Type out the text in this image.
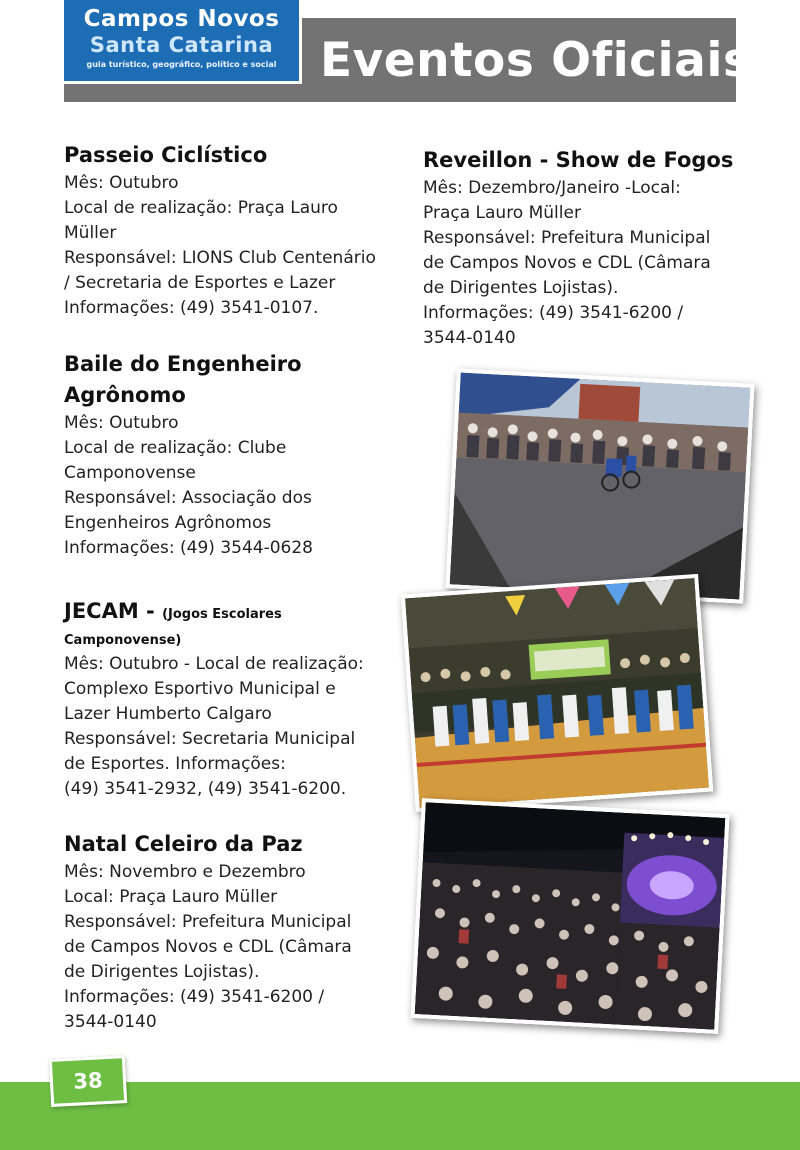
Campos Novos
Santa Catarina
guia turístico, geográfico, político e social Eventos Oficiais
Passeio Ciclístico

Mês: Outubro

Local de realização: Praça Lauro

Müller

Responsável: LIONS Club Centenário

/ Secretaria de Esportes e Lazer

Informações: (49) 3541-0107.

Baile do Engenheiro
Agrônomo

Mês: Outubro

Local de realização: Clube

Camponovense

Responsável: Associação dos

Engenheiros Agrônomos

Informações: (49) 3544-0628

JECAM - (Jogos Escolares
Camponovense)

Mês: Outubro - Local de realização:

Complexo Esportivo Municipal e

Lazer Humberto Calgaro

Responsável: Secretaria Municipal

de Esportes. Informações:

(49) 3541-2932, (49) 3541-6200.

Natal Celeiro da Paz

Mês: Novembro e Dezembro

Local: Praça Lauro Müller

Responsável: Prefeitura Municipal

de Campos Novos e CDL (Câmara

de Dirigentes Lojistas).

Informações: (49) 3541-6200 /

3544-0140

Reveillon - Show de Fogos

Mês: Dezembro/Janeiro -Local:

Praça Lauro Müller

Responsável: Prefeitura Municipal

de Campos Novos e CDL (Câmara

de Dirigentes Lojistas).

Informações: (49) 3541-6200 /

3544-0140

38
